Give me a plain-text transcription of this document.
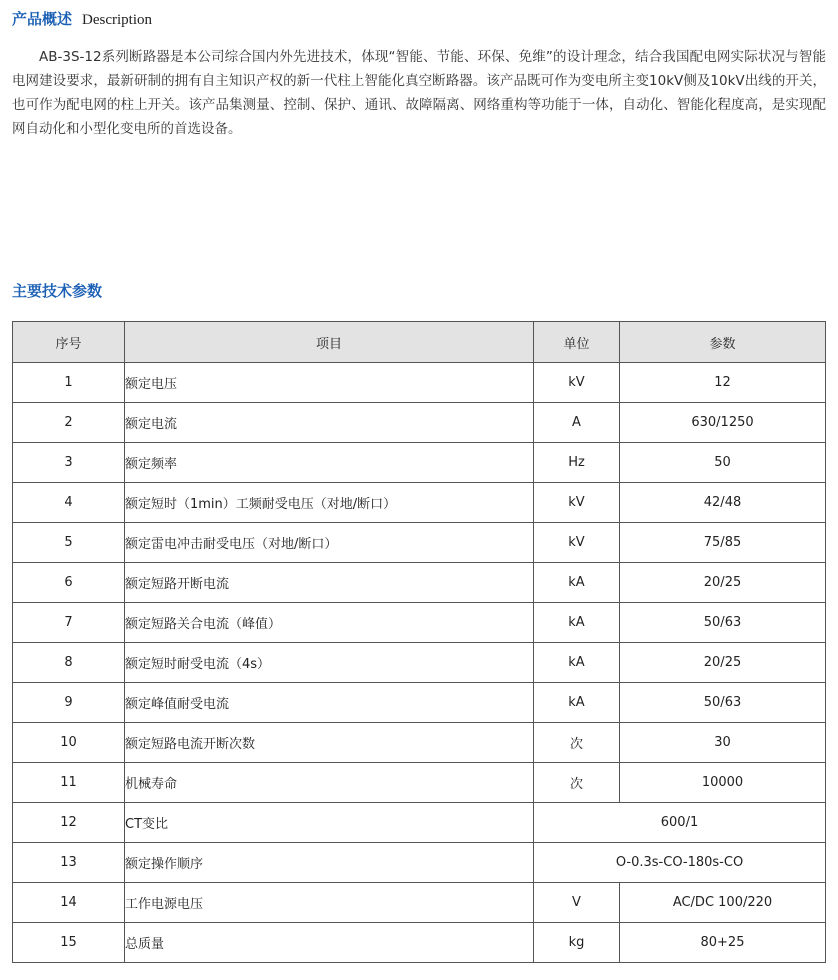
产品概述 Description

AB-3S-12系列断路器是本公司综合国内外先进技术，体现“智能、节能、环保、免维”的设计理念，结合我国配电网实际状况与智能电网建设要求，最新研制的拥有自主知识产权的新一代柱上智能化真空断路器。该产品既可作为变电所主变10kV侧及10kV出线的开关，也可作为配电网的柱上开关。该产品集测量、控制、保护、通讯、故障隔离、网络重构等功能于一体，自动化、智能化程度高，是实现配网自动化和小型化变电所的首选设备。

主要技术参数
序号	项目	单位	参数
1	额定电压	kV	12
2	额定电流	A	630/1250
3	额定频率	Hz	50
4	额定短时（1min）工频耐受电压（对地/断口）	kV	42/48
5	额定雷电冲击耐受电压（对地/断口）	kV	75/85
6	额定短路开断电流	kA	20/25
7	额定短路关合电流（峰值）	kA	50/63
8	额定短时耐受电流（4s）	kA	20/25
9	额定峰值耐受电流	kA	50/63
10	额定短路电流开断次数	次	30
11	机械寿命	次	10000
12	CT变比	600/1	
13	额定操作顺序	O-0.3s-CO-180s-CO	
14	工作电源电压	V	AC/DC 100/220
15	总质量	kg	80+25
